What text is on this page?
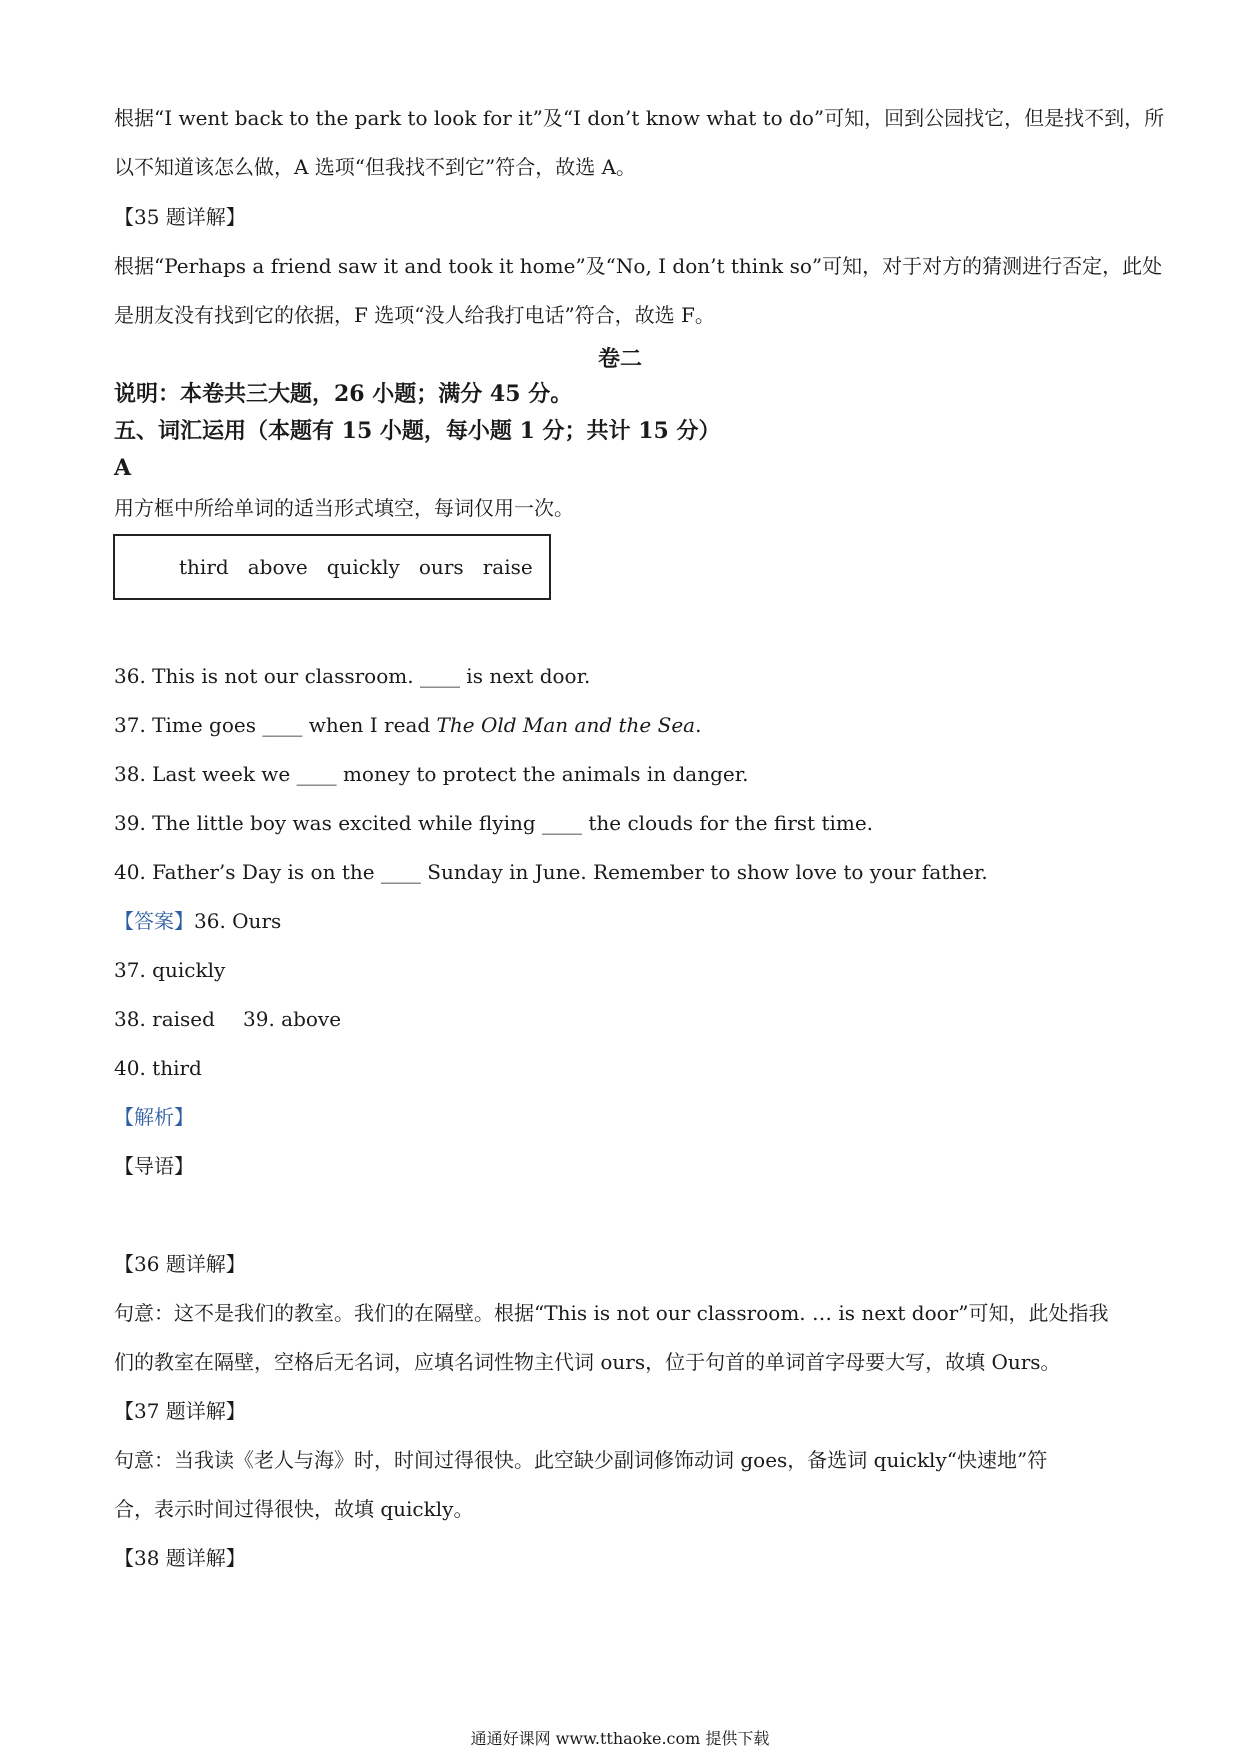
根据“I went back to the park to look for it”及“I don’t know what to do”可知，回到公园找它，但是找不到，所
以不知道该怎么做，A 选项“但我找不到它”符合，故选 A。
【35 题详解】
根据“Perhaps a friend saw it and took it home”及“No, I don’t think so”可知，对于对方的猜测进行否定，此处
是朋友没有找到它的依据，F 选项“没人给我打电话”符合，故选 F。
卷二
说明：本卷共三大题，26 小题；满分 45 分。
五、词汇运用（本题有 15 小题，每小题 1 分；共计 15 分）
A
用方框中所给单词的适当形式填空，每词仅用一次。
third   above   quickly   ours   raise
36. This is not our classroom. ____ is next door.
37. Time goes ____ when I read The Old Man and the Sea.
38. Last week we ____ money to protect the animals in danger.
39. The little boy was excited while flying ____ the clouds for the first time.
40. Father’s Day is on the ____ Sunday in June. Remember to show love to your father.
【答案】36. Ours
37. quickly
38. raised 39. above
40. third
【解析】
【导语】
【36 题详解】
句意：这不是我们的教室。我们的在隔壁。根据“This is not our classroom. … is next door”可知，此处指我
们的教室在隔壁，空格后无名词，应填名词性物主代词 ours，位于句首的单词首字母要大写，故填 Ours。
【37 题详解】
句意：当我读《老人与海》时，时间过得很快。此空缺少副词修饰动词 goes，备选词 quickly“快速地”符
合，表示时间过得很快，故填 quickly。
【38 题详解】
通通好课网 www.tthaoke.com 提供下载
